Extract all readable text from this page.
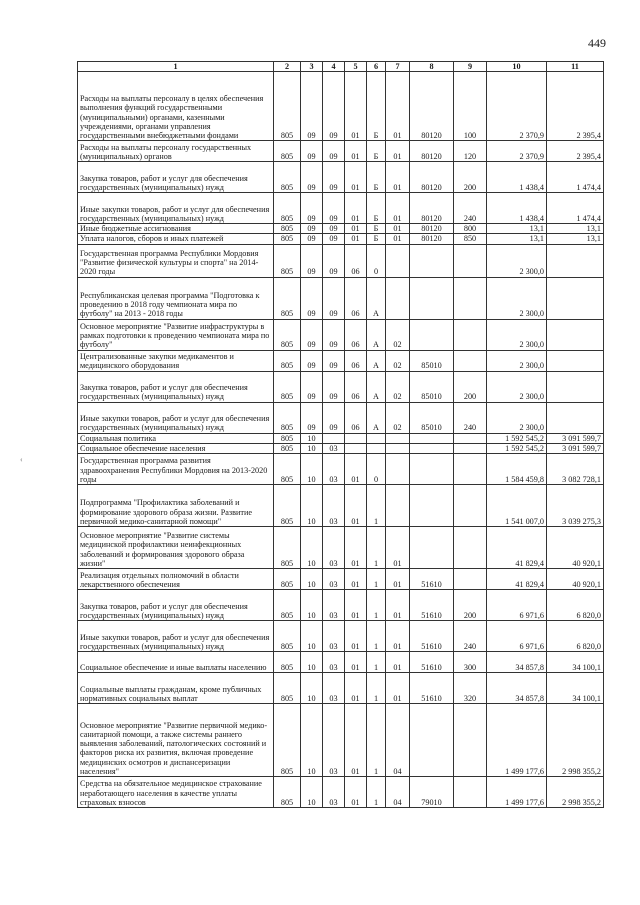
449
‹
1	2	3	4	5	6	7	8	9	10	11
Расходы на выплаты персоналу в целях обеспечения выполнения функций государственными (муниципальными) органами, казенными учреждениями, органами управления государственными внебюджетными фондами	805	09	09	01	Б	01	80120	100	2 370,9	2 395,4
Расходы на выплаты персоналу государственных (муниципальных) органов	805	09	09	01	Б	01	80120	120	2 370,9	2 395,4
Закупка товаров, работ и услуг для обеспечения государственных (муниципальных) нужд	805	09	09	01	Б	01	80120	200	1 438,4	1 474,4
Иные закупки товаров, работ и услуг для обеспечения государственных (муниципальных) нужд	805	09	09	01	Б	01	80120	240	1 438,4	1 474,4
Иные бюджетные ассигнования	805	09	09	01	Б	01	80120	800	13,1	13,1
Уплата налогов, сборов и иных платежей	805	09	09	01	Б	01	80120	850	13,1	13,1
Государственная программа Республики Мордовия "Развитие физической культуры и спорта" на 2014-2020 годы	805	09	09	06	0				2 300,0	
Республиканская целевая программа "Подготовка к проведению в 2018 году чемпионата мира по футболу" на 2013 - 2018 годы	805	09	09	06	А				2 300,0	
Основное мероприятие "Развитие инфраструктуры в рамках подготовки к проведению чемпионата мира по футболу"	805	09	09	06	А	02			2 300,0	
Централизованные закупки медикаментов и медицинского оборудования	805	09	09	06	А	02	85010		2 300,0	
Закупка товаров, работ и услуг для обеспечения государственных (муниципальных) нужд	805	09	09	06	А	02	85010	200	2 300,0	
Иные закупки товаров, работ и услуг для обеспечения государственных (муниципальных) нужд	805	09	09	06	А	02	85010	240	2 300,0	
Социальная политика	805	10							1 592 545,2	3 091 599,7
Социальное обеспечение населения	805	10	03						1 592 545,2	3 091 599,7
Государственная программа развития здравоохранения Республики Мордовия на 2013-2020 годы	805	10	03	01	0				1 584 459,8	3 082 728,1
Подпрограмма "Профилактика заболеваний и формирование здорового образа жизни. Развитие первичной медико-санитарной помощи"	805	10	03	01	1				1 541 007,0	3 039 275,3
Основное мероприятие "Развитие системы медицинской профилактики неинфекционных заболеваний и формирования здорового образа жизни"	805	10	03	01	1	01			41 829,4	40 920,1
Реализация отдельных полномочий в области лекарственного обеспечения	805	10	03	01	1	01	51610		41 829,4	40 920,1
Закупка товаров, работ и услуг для обеспечения государственных (муниципальных) нужд	805	10	03	01	1	01	51610	200	6 971,6	6 820,0
Иные закупки товаров, работ и услуг для обеспечения государственных (муниципальных) нужд	805	10	03	01	1	01	51610	240	6 971,6	6 820,0
Социальное обеспечение и иные выплаты населению	805	10	03	01	1	01	51610	300	34 857,8	34 100,1
Социальные выплаты гражданам, кроме публичных нормативных социальных выплат	805	10	03	01	1	01	51610	320	34 857,8	34 100,1
Основное мероприятие "Развитие первичной медико-санитарной помощи, а также системы раннего выявления заболеваний, патологических состояний и факторов риска их развития, включая проведение медицинских осмотров и диспансеризации населения"	805	10	03	01	1	04			1 499 177,6	2 998 355,2
Средства на обязательное медицинское страхование неработающего населения в качестве уплаты страховых взносов	805	10	03	01	1	04	79010		1 499 177,6	2 998 355,2
